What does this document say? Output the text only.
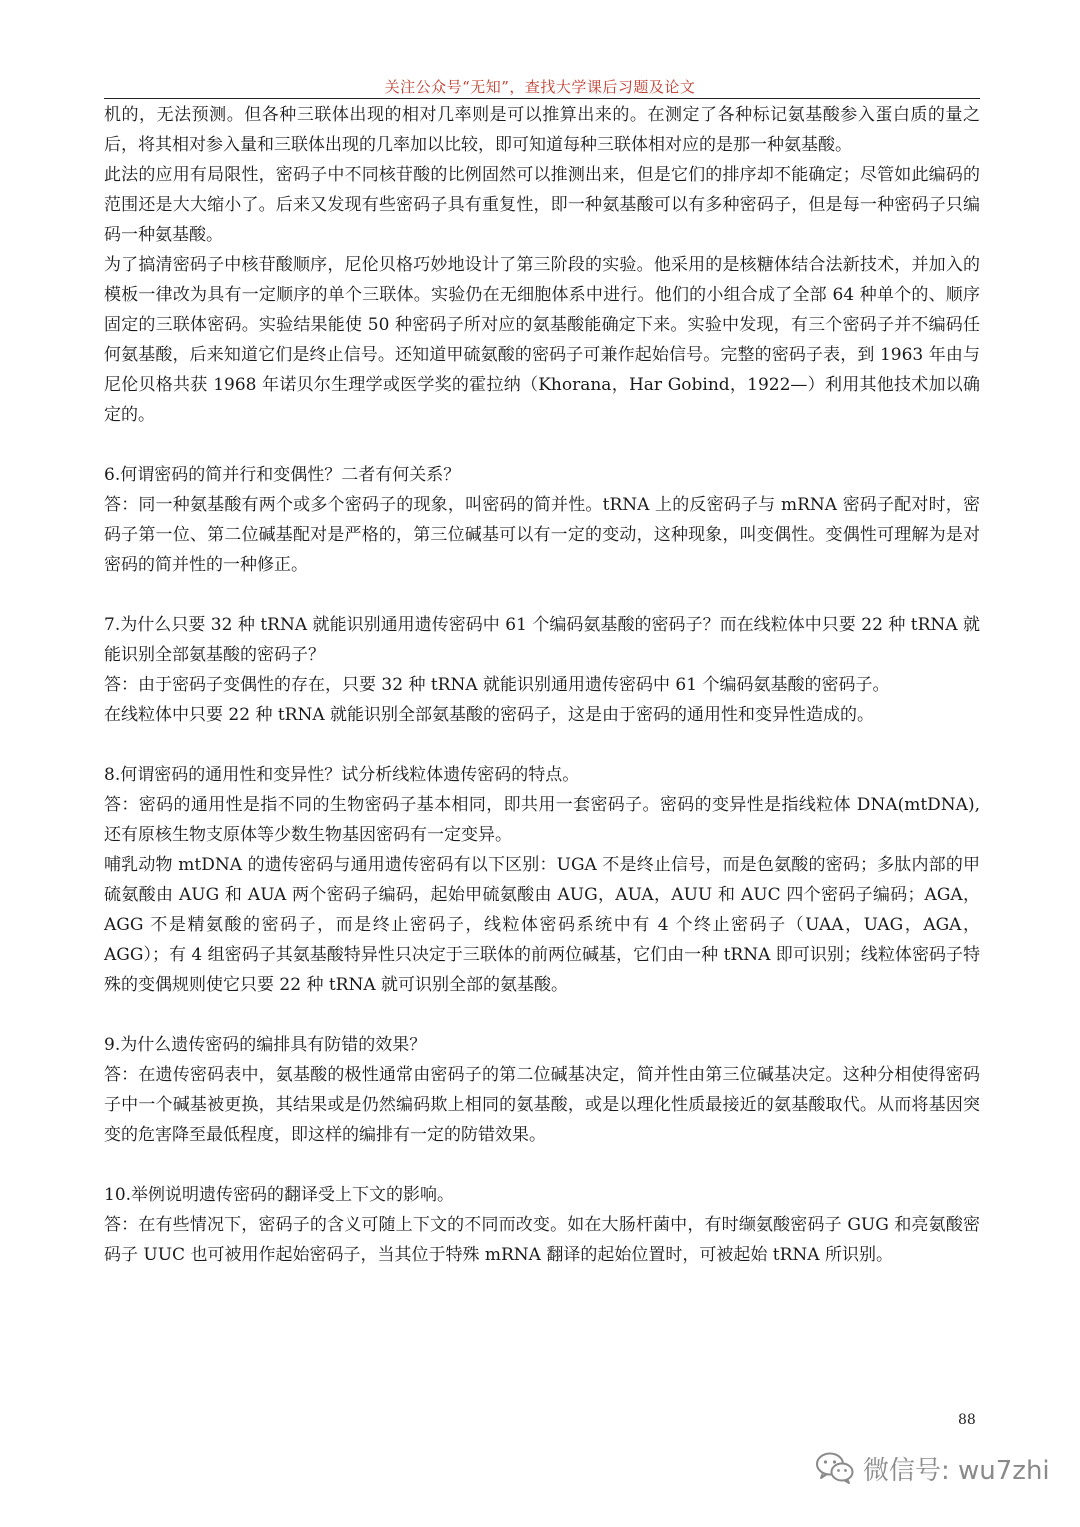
关注公众号“无知”，查找大学课后习题及论文

机的，无法预测。但各种三联体出现的相对几率则是可以推算出来的。在测定了各种标记氨基酸参入蛋白质的量之后，将其相对参入量和三联体出现的几率加以比较，即可知道每种三联体相对应的是那一种氨基酸。

此法的应用有局限性，密码子中不同核苷酸的比例固然可以推测出来，但是它们的排序却不能确定；尽管如此编码的范围还是大大缩小了。后来又发现有些密码子具有重复性，即一种氨基酸可以有多种密码子，但是每一种密码子只编码一种氨基酸。

为了搞清密码子中核苷酸顺序，尼伦贝格巧妙地设计了第三阶段的实验。他采用的是核糖体结合法新技术，并加入的模板一律改为具有一定顺序的单个三联体。实验仍在无细胞体系中进行。他们的小组合成了全部 64 种单个的、顺序固定的三联体密码。实验结果能使 50 种密码子所对应的氨基酸能确定下来。实验中发现，有三个密码子并不编码任何氨基酸，后来知道它们是终止信号。还知道甲硫氨酸的密码子可兼作起始信号。完整的密码子表，到 1963 年由与尼伦贝格共获 1968 年诺贝尔生理学或医学奖的霍拉纳（Khorana，Har Gobind，1922—）利用其他技术加以确定的。

6.何谓密码的简并行和变偶性？二者有何关系？

答：同一种氨基酸有两个或多个密码子的现象，叫密码的简并性。tRNA 上的反密码子与 mRNA 密码子配对时，密码子第一位、第二位碱基配对是严格的，第三位碱基可以有一定的变动，这种现象，叫变偶性。变偶性可理解为是对密码的简并性的一种修正。

7.为什么只要 32 种 tRNA 就能识别通用遗传密码中 61 个编码氨基酸的密码子？而在线粒体中只要 22 种 tRNA 就能识别全部氨基酸的密码子？

答：由于密码子变偶性的存在，只要 32 种 tRNA 就能识别通用遗传密码中 61 个编码氨基酸的密码子。

在线粒体中只要 22 种 tRNA 就能识别全部氨基酸的密码子，这是由于密码的通用性和变异性造成的。

8.何谓密码的通用性和变异性？试分析线粒体遗传密码的特点。

答：密码的通用性是指不同的生物密码子基本相同，即共用一套密码子。密码的变异性是指线粒体 DNA(mtDNA),还有原核生物支原体等少数生物基因密码有一定变异。

哺乳动物 mtDNA 的遗传密码与通用遗传密码有以下区别：UGA 不是终止信号，而是色氨酸的密码；多肽内部的甲硫氨酸由 AUG 和 AUA 两个密码子编码，起始甲硫氨酸由 AUG，AUA，AUU 和 AUC 四个密码子编码；AGA，AGG 不是精氨酸的密码子，而是终止密码子，线粒体密码系统中有 4 个终止密码子（UAA，UAG，AGA，AGG）；有 4 组密码子其氨基酸特异性只决定于三联体的前两位碱基，它们由一种 tRNA 即可识别；线粒体密码子特殊的变偶规则使它只要 22 种 tRNA 就可识别全部的氨基酸。

9.为什么遗传密码的编排具有防错的效果？

答：在遗传密码表中，氨基酸的极性通常由密码子的第二位碱基决定，简并性由第三位碱基决定。这种分相使得密码子中一个碱基被更换，其结果或是仍然编码欺上相同的氨基酸，或是以理化性质最接近的氨基酸取代。从而将基因突变的危害降至最低程度，即这样的编排有一定的防错效果。

10.举例说明遗传密码的翻译受上下文的影响。

答：在有些情况下，密码子的含义可随上下文的不同而改变。如在大肠杆菌中，有时缬氨酸密码子 GUG 和亮氨酸密码子 UUC 也可被用作起始密码子，当其位于特殊 mRNA 翻译的起始位置时，可被起始 tRNA 所识别。

88
微信号: wu7zhi
